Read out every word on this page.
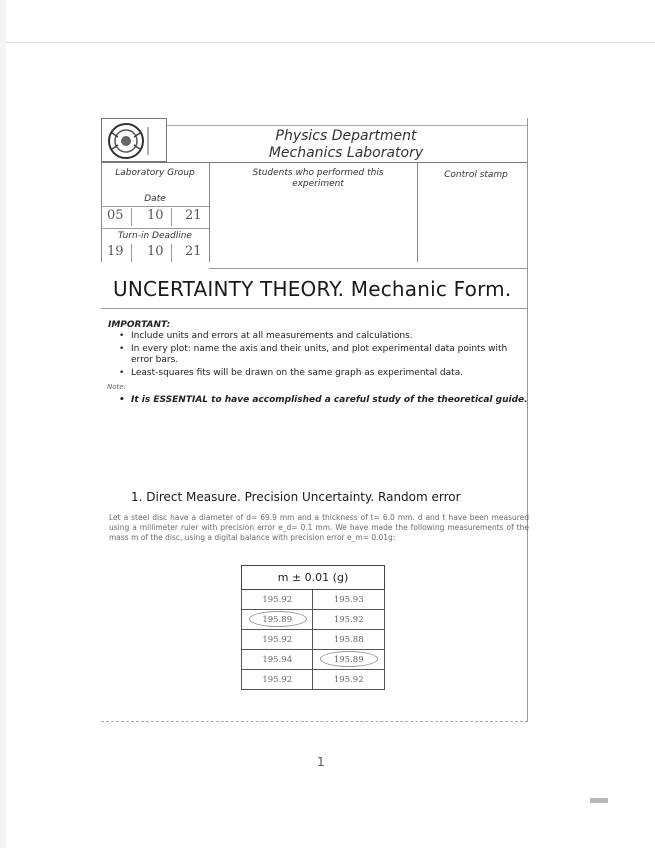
Physics Department
Mechanics Laboratory
Laboratory Group
Date
05 10 21
Turn-in Deadline
19 10 21
Students who performed this experiment
Control stamp
UNCERTAINTY THEORY. Mechanic Form.
IMPORTANT:
• Include units and errors at all measurements and calculations.
• In every plot: name the axis and their units, and plot experimental data points with error bars.
• Least-squares fits will be drawn on the same graph as experimental data.
Note:
• It is ESSENTIAL to have accomplished a careful study of the theoretical guide.
1. Direct Measure. Precision Uncertainty. Random error
Let a steel disc have a diameter of d= 69.9 mm and a thickness of t= 6.0 mm. d and t have been measured using a millimeter ruler with precision error e_d= 0.1 mm. We have made the following measurements of the mass m of the disc, using a digital balance with precision error e_m= 0.01g:
m ± 0.01 (g)	
195.92	195.93
195.89	195.92
195.92	195.88
195.94	195.89
195.92	195.92
1
